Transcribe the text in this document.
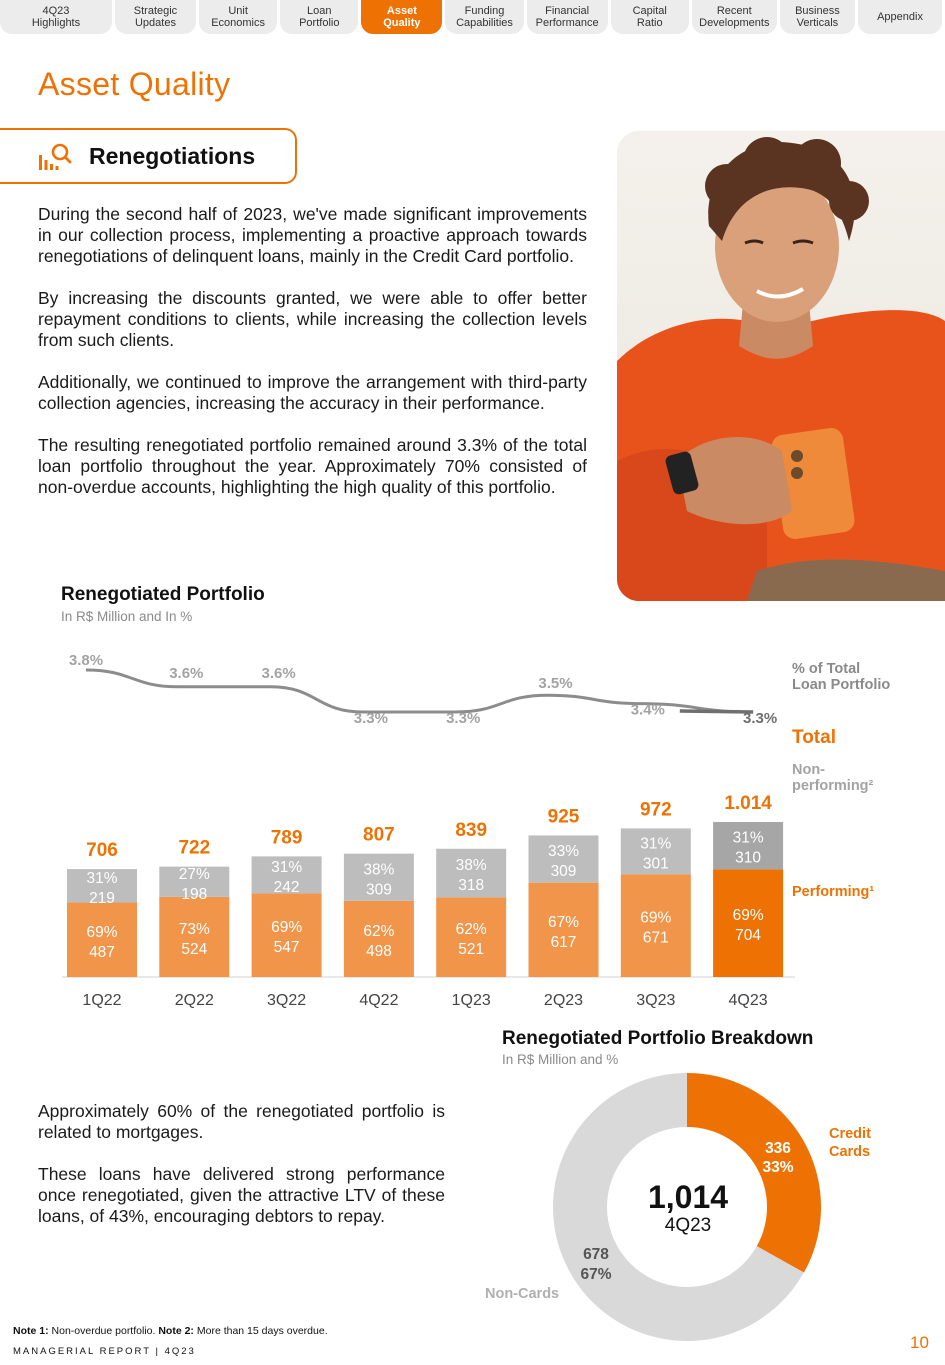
4Q23
Highlights
Strategic
Updates
Unit
Economics
Loan
Portfolio
Asset
Quality
Funding
Capabilities
Financial
Performance
Capital
Ratio
Recent
Developments
Business
Verticals	Appendix
Asset Quality
Renegotiations

During the second half of 2023, we've made significant improvements in our collection process, implementing a proactive approach towards renegotiations of delinquent loans, mainly in the Credit Card portfolio.

By increasing the discounts granted, we were able to offer better repayment conditions to clients, while increasing the collection levels from such clients.

Additionally, we continued to improve the arrangement with third-party collection agencies, increasing the accuracy in their performance.

The resulting renegotiated portfolio remained around 3.3% of the total loan portfolio throughout the year. Approximately 70% consisted of non-overdue accounts, highlighting the high quality of this portfolio.

Renegotiated Portfolio
In R$ Million and In %
3.8%
3.6%	3.6%
3.3%	3.3%
3.5%
3.4%	3.3%
69%
487
31%
219
706
1Q22
73%
524
27%
198
722
2Q22
69%
547
31%
242
789
3Q22
62%
498
38%
309
807
4Q22
62%
521
38%
318
839
1Q23
67%
617
33%
309
925
2Q23
69%
671
31%
301
972
3Q23
69%
704
31%
310
1.014
4Q23
% of Total Loan Portfolio
Total
Non-performing²
Performing¹

Approximately 60% of the renegotiated portfolio is related to mortgages.

These loans have delivered strong performance once renegotiated, given the attractive LTV of these loans, of 43%, encouraging debtors to repay.

Renegotiated Portfolio Breakdown
In R$ Million and %
1,014
4Q23
336
33%
678
67%
Credit Cards
Non-Cards
Note 1: Non-overdue portfolio. Note 2: More than 15 days overdue.
MANAGERIAL REPORT | 4Q23	10
